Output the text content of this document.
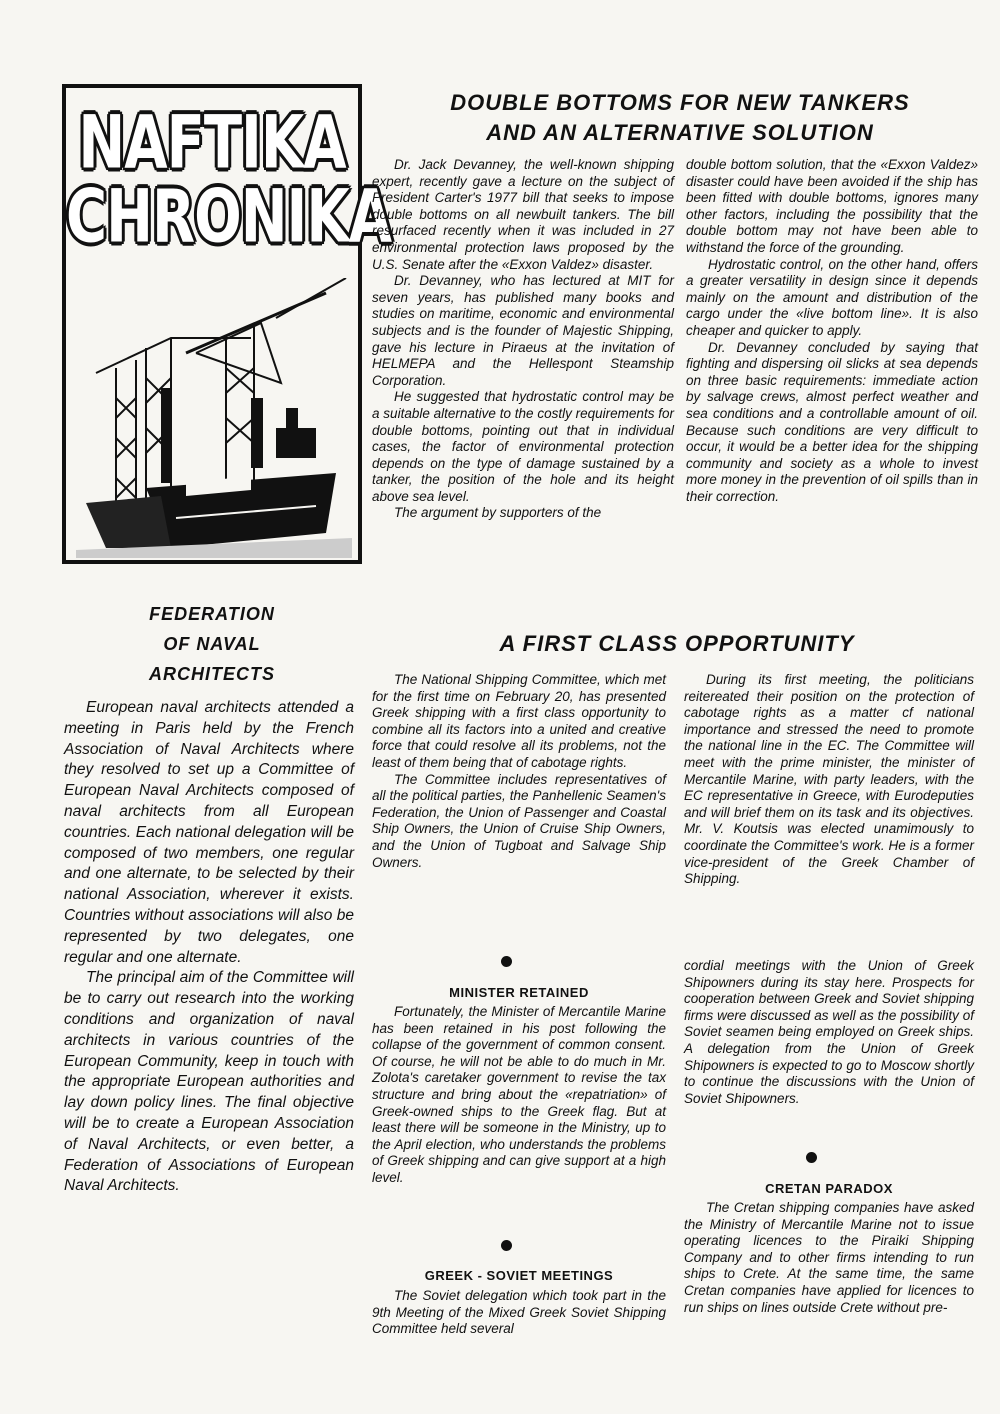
NAFTIKA
CHRONIKA
DOUBLE BOTTOMS FOR NEW TANKERS
AND AN ALTERNATIVE SOLUTION

Dr. Jack Devanney, the well-known shipping expert, recently gave a lecture on the subject of President Carter's 1977 bill that seeks to impose double bottoms on all newbuilt tankers. The bill resurfaced recently when it was included in 27 environmental protection laws proposed by the U.S. Senate after the «Exxon Valdez» disaster.

Dr. Devanney, who has lectured at MIT for seven years, has published many books and studies on maritime, economic and environmental subjects and is the founder of Majestic Shipping, gave his lecture in Piraeus at the invitation of HELMEPA and the Hellespont Steamship Corporation.

He suggested that hydrostatic control may be a suitable alternative to the costly requirements for double bottoms, pointing out that in individual cases, the factor of environmental protection depends on the type of damage sustained by a tanker, the position of the hole and its height above sea level.

The argument by supporters of the

double bottom solution, that the «Exxon Valdez» disaster could have been avoided if the ship has been fitted with double bottoms, ignores many other factors, including the possibility that the double bottom may not have been able to withstand the force of the grounding.

Hydrostatic control, on the other hand, offers a greater versatility in design since it depends mainly on the amount and distribution of the cargo under the «live bottom line». It is also cheaper and quicker to apply.

Dr. Devanney concluded by saying that fighting and dispersing oil slicks at sea depends on three basic requirements: immediate action by salvage crews, almost perfect weather and sea conditions and a controllable amount of oil. Because such conditions are very difficult to occur, it would be a better idea for the shipping community and society as a whole to invest more money in the prevention of oil spills than in their correction.

FEDERATION
OF NAVAL
ARCHITECTS

European naval architects attended a meeting in Paris held by the French Association of Naval Architects where they resolved to set up a Committee of European Naval Architects composed of naval architects from all European countries. Each national delegation will be composed of two members, one regular and one alternate, to be selected by their national Association, wherever it exists. Countries without associations will also be represented by two delegates, one regular and one alternate.

The principal aim of the Committee will be to carry out research into the working conditions and organization of naval architects in various countries of the European Community, keep in touch with the appropriate European authorities and lay down policy lines. The final objective will be to create a European Association of Naval Architects, or even better, a Federation of Associations of European Naval Architects.

A FIRST CLASS OPPORTUNITY

The National Shipping Committee, which met for the first time on February 20, has presented Greek shipping with a first class opportunity to combine all its factors into a united and creative force that could resolve all its problems, not the least of them being that of cabotage rights.

The Committee includes representatives of all the political parties, the Panhellenic Seamen's Federation, the Union of Passenger and Coastal Ship Owners, the Union of Cruise Ship Owners, and the Union of Tugboat and Salvage Ship Owners.

During its first meeting, the politicians reitereated their position on the protection of cabotage rights as a matter cf national importance and stressed the need to promote the national line in the EC. The Committee will meet with the prime minister, the minister of Mercantile Marine, with party leaders, with the EC representative in Greece, with Eurodeputies and will brief them on its task and its objectives. Mr. V. Koutsis was elected unamimously to coordinate the Committee's work. He is a former vice-president of the Greek Chamber of Shipping.

MINISTER RETAINED

Fortunately, the Minister of Mercantile Marine has been retained in his post following the collapse of the government of common consent. Of course, he will not be able to do much in Mr. Zolota's caretaker government to revise the tax structure and bring about the «repatriation» of Greek-owned ships to the Greek flag. But at least there will be someone in the Ministry, up to the April election, who understands the problems of Greek shipping and can give support at a high level.

GREEK - SOVIET MEETINGS

The Soviet delegation which took part in the 9th Meeting of the Mixed Greek Soviet Shipping Committee held several

cordial meetings with the Union of Greek Shipowners during its stay here. Prospects for cooperation between Greek and Soviet shipping firms were discussed as well as the possibility of Soviet seamen being employed on Greek ships. A delegation from the Union of Greek Shipowners is expected to go to Moscow shortly to continue the discussions with the Union of Soviet Shipowners.

CRETAN PARADOX

The Cretan shipping companies have asked the Ministry of Mercantile Marine not to issue operating licences to the Piraiki Shipping Company and to other firms intending to run ships to Crete. At the same time, the same Cretan companies have applied for licences to run ships on lines outside Crete without pre-
